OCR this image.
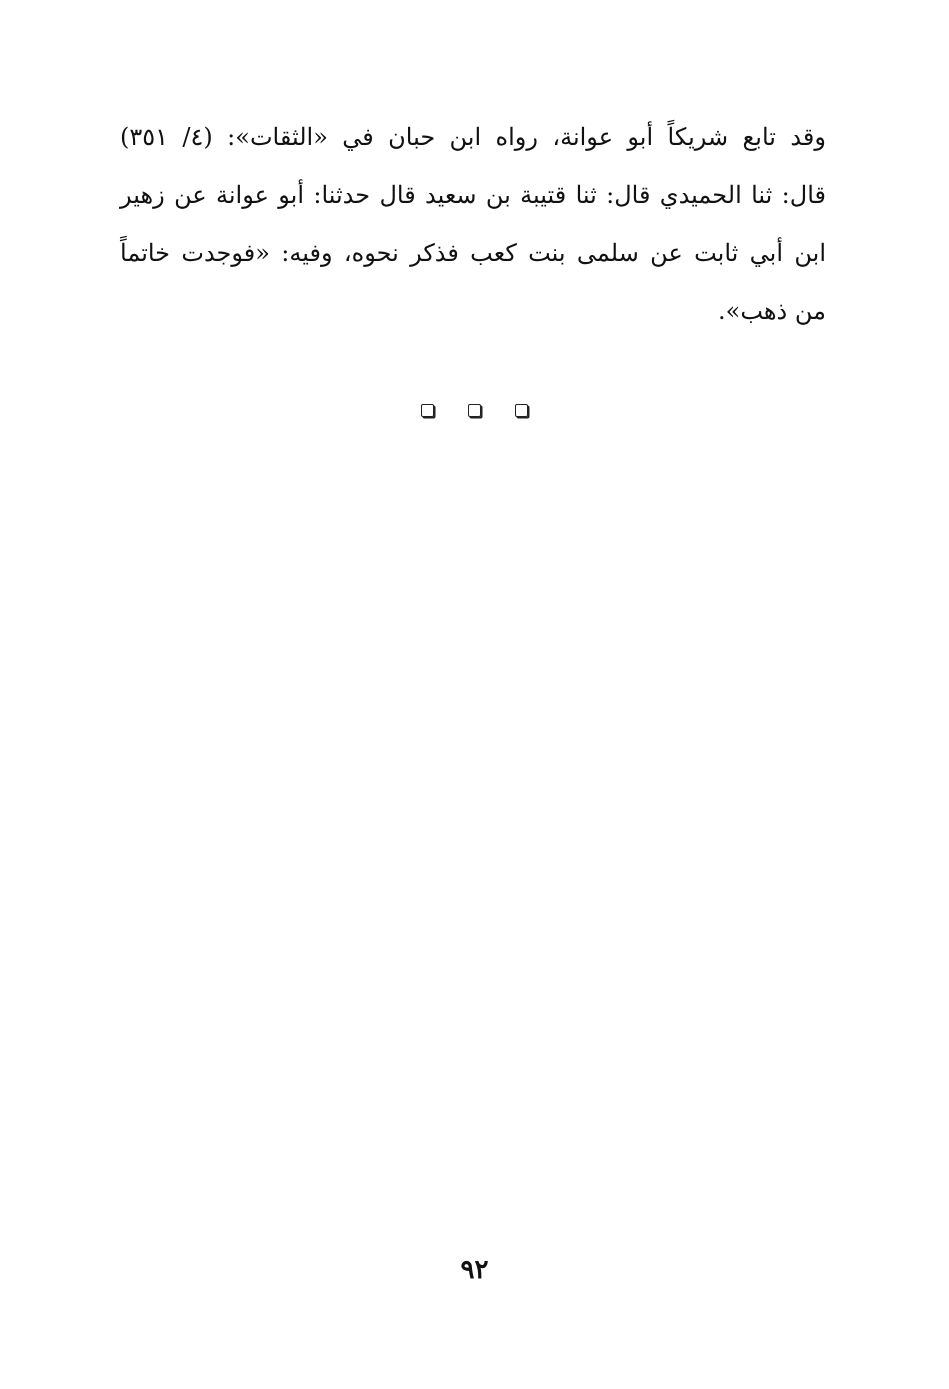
وقد تابع شريكاً أبو عوانة، رواه ابن حبان في «الثقات»: (٤/ ٣٥١)
قال: ثنا الحميدي قال: ثنا قتيبة بن سعيد قال حدثنا: أبو عوانة عن زهير
ابن أبي ثابت عن سلمى بنت كعب فذكر نحوه، وفيه: «فوجدت خاتماً
من ذهب».
٩٢
